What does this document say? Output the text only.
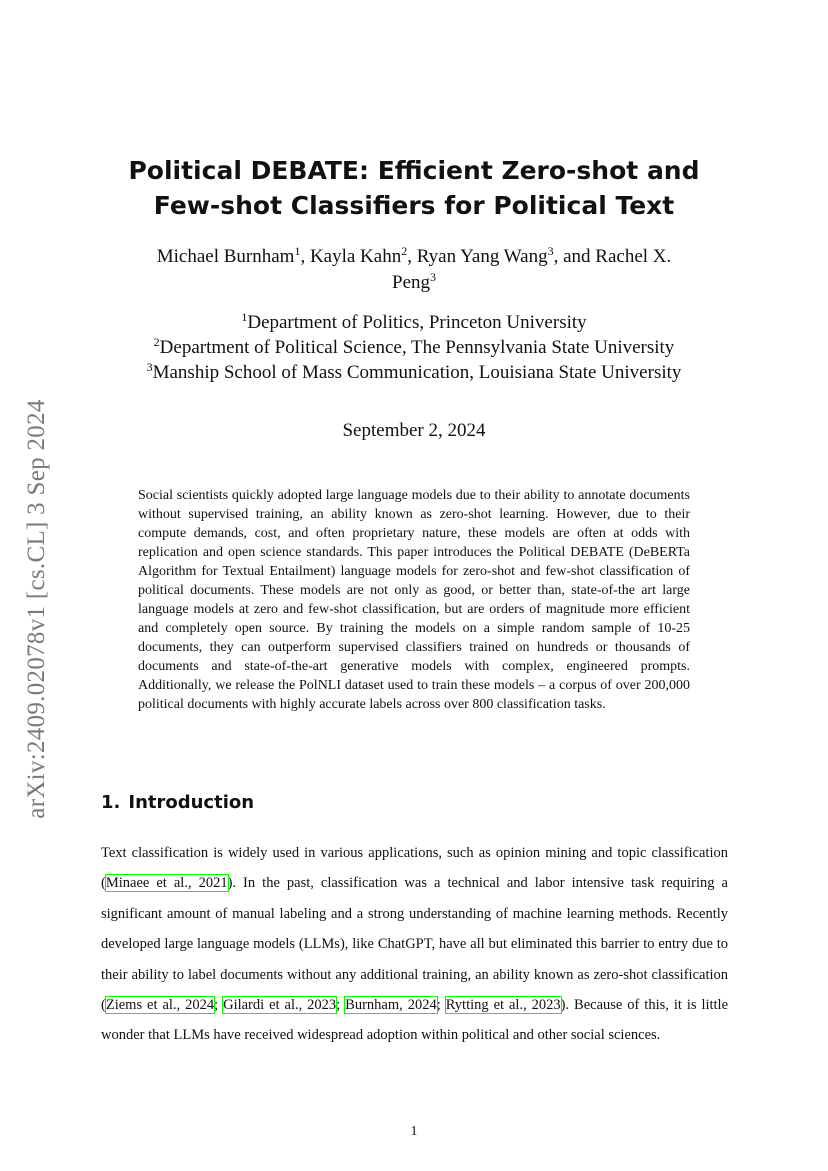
arXiv:2409.02078v1 [cs.CL] 3 Sep 2024
Political DEBATE: Efficient Zero-shot and
Few-shot Classifiers for Political Text
Michael Burnham$^1$, Kayla Kahn$^2$, Ryan Yang Wang$^3$, and Rachel X.
Peng$^3$
$^1$Department of Politics, Princeton University
$^2$Department of Political Science, The Pennsylvania State University
$^3$Manship School of Mass Communication, Louisiana State University
September 2, 2024
Social scientists quickly adopted large language models due to their ability to annotate documents without supervised training, an ability known as zero-shot learning. However, due to their compute demands, cost, and often proprietary nature, these models are often at odds with replication and open science standards. This paper introduces the Political DEBATE (DeBERTa Algorithm for Textual Entailment) language models for zero-shot and few-shot classification of political documents. These models are not only as good, or better than, state-of-the art large language models at zero and few-shot classification, but are orders of magnitude more efficient and completely open source. By training the models on a simple random sample of 10-25 documents, they can outperform supervised classifiers trained on hundreds or thousands of documents and state-of-the-art generative models with complex, engineered prompts. Additionally, we release the PolNLI dataset used to train these models – a corpus of over 200,000 political documents with highly accurate labels across over 800 classification tasks.
1. Introduction
Text classification is widely used in various applications, such as opinion mining and topic classification (Minaee et al., 2021). In the past, classification was a technical and labor intensive task requiring a significant amount of manual labeling and a strong understanding of machine learning methods. Recently developed large language models (LLMs), like ChatGPT, have all but eliminated this barrier to entry due to their ability to label documents without any additional training, an ability known as zero-shot classification (Ziems et al., 2024; Gilardi et al., 2023; Burnham, 2024; Rytting et al., 2023). Because of this, it is little wonder that LLMs have received widespread adoption within political and other social sciences.
1
